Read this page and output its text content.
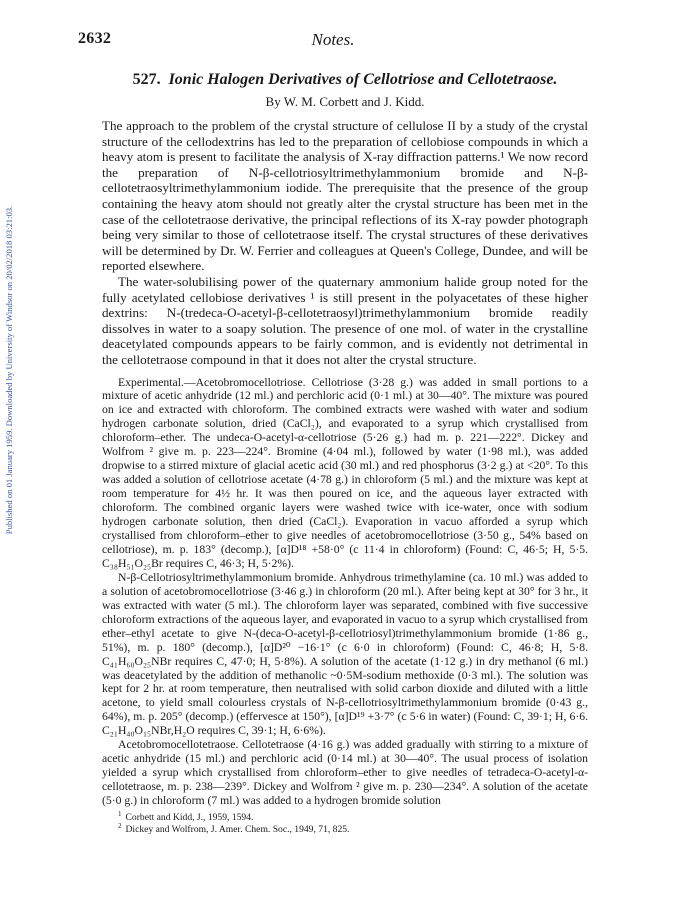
Published on 01 January 1959. Downloaded by University of Windsor on 20/02/2018 03:21:03.
2632	Notes.
527. Ionic Halogen Derivatives of Cellotriose and Cellotetraose.
By W. M. Corbett and J. Kidd.

The approach to the problem of the crystal structure of cellulose II by a study of the crystal structure of the cellodextrins has led to the preparation of cellobiose compounds in which a heavy atom is present to facilitate the analysis of X-ray diffraction patterns.¹ We now record the preparation of N-β-cellotriosyltrimethylammonium bromide and N-β-cellotetraosyltrimethylammonium iodide. The prerequisite that the presence of the group containing the heavy atom should not greatly alter the crystal structure has been met in the case of the cellotetraose derivative, the principal reflections of its X-ray powder photograph being very similar to those of cellotetraose itself. The crystal structures of these derivatives will be determined by Dr. W. Ferrier and colleagues at Queen's College, Dundee, and will be reported elsewhere.

The water-solubilising power of the quaternary ammonium halide group noted for the fully acetylated cellobiose derivatives ¹ is still present in the polyacetates of these higher dextrins: N-(tredeca-O-acetyl-β-cellotetraosyl)trimethylammonium bromide readily dissolves in water to a soapy solution. The presence of one mol. of water in the crystalline deacetylated compounds appears to be fairly common, and is evidently not detrimental in the cellotetraose compound in that it does not alter the crystal structure.

Experimental.—Acetobromocellotriose. Cellotriose (3·28 g.) was added in small portions to a mixture of acetic anhydride (12 ml.) and perchloric acid (0·1 ml.) at 30—40°. The mixture was poured on ice and extracted with chloroform. The combined extracts were washed with water and sodium hydrogen carbonate solution, dried (CaCl₂), and evaporated to a syrup which crystallised from chloroform–ether. The undeca-O-acetyl-α-cellotriose (5·26 g.) had m. p. 221—222°. Dickey and Wolfrom ² give m. p. 223—224°. Bromine (4·04 ml.), followed by water (1·98 ml.), was added dropwise to a stirred mixture of glacial acetic acid (30 ml.) and red phosphorus (3·2 g.) at <20°. To this was added a solution of cellotriose acetate (4·78 g.) in chloroform (5 ml.) and the mixture was kept at room temperature for 4½ hr. It was then poured on ice, and the aqueous layer extracted with chloroform. The combined organic layers were washed twice with ice-water, once with sodium hydrogen carbonate solution, then dried (CaCl₂). Evaporation in vacuo afforded a syrup which crystallised from chloroform–ether to give needles of acetobromocellotriose (3·50 g., 54% based on cellotriose), m. p. 183° (decomp.), [α]D¹⁸ +58·0° (c 11·4 in chloroform) (Found: C, 46·5; H, 5·5. C₃₈H₅₁O₂₅Br requires C, 46·3; H, 5·2%).

N-β-Cellotriosyltrimethylammonium bromide. Anhydrous trimethylamine (ca. 10 ml.) was added to a solution of acetobromocellotriose (3·46 g.) in chloroform (20 ml.). After being kept at 30° for 3 hr., it was extracted with water (5 ml.). The chloroform layer was separated, combined with five successive chloroform extractions of the aqueous layer, and evaporated in vacuo to a syrup which crystallised from ether–ethyl acetate to give N-(deca-O-acetyl-β-cellotriosyl)trimethylammonium bromide (1·86 g., 51%), m. p. 180° (decomp.), [α]D²⁰ −16·1° (c 6·0 in chloroform) (Found: C, 46·8; H, 5·8. C₄₁H₆₀O₂₅NBr requires C, 47·0; H, 5·8%). A solution of the acetate (1·12 g.) in dry methanol (6 ml.) was deacetylated by the addition of methanolic ~0·5M-sodium methoxide (0·3 ml.). The solution was kept for 2 hr. at room temperature, then neutralised with solid carbon dioxide and diluted with a little acetone, to yield small colourless crystals of N-β-cellotriosyltrimethylammonium bromide (0·43 g., 64%), m. p. 205° (decomp.) (effervesce at 150°), [α]D¹⁹ +3·7° (c 5·6 in water) (Found: C, 39·1; H, 6·6. C₂₁H₄₀O₁₅NBr,H₂O requires C, 39·1; H, 6·6%).

Acetobromocellotetraose. Cellotetraose (4·16 g.) was added gradually with stirring to a mixture of acetic anhydride (15 ml.) and perchloric acid (0·14 ml.) at 30—40°. The usual process of isolation yielded a syrup which crystallised from chloroform–ether to give needles of tetradeca-O-acetyl-α-cellotetraose, m. p. 238—239°. Dickey and Wolfrom ² give m. p. 230—234°. A solution of the acetate (5·0 g.) in chloroform (7 ml.) was added to a hydrogen bromide solution

$^1$ Corbett and Kidd, J., 1959, 1594.
$^2$ Dickey and Wolfrom, J. Amer. Chem. Soc., 1949, 71, 825.
